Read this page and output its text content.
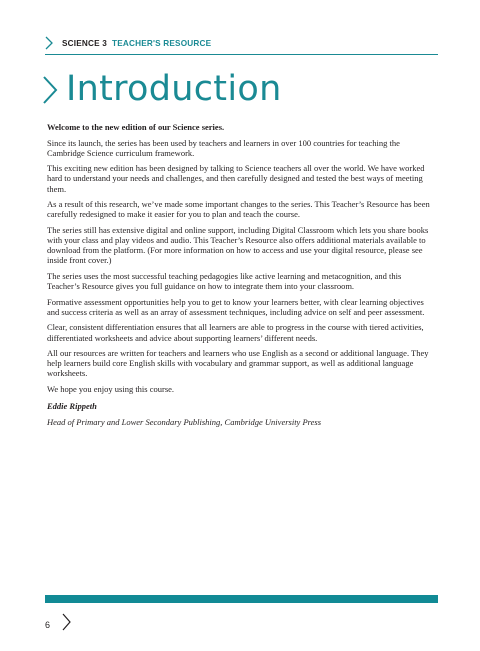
SCIENCE 3 TEACHER'S RESOURCE
Introduction

Welcome to the new edition of our Science series.

Since its launch, the series has been used by teachers and learners in over 100 countries for teaching the Cambridge Science curriculum framework.

This exciting new edition has been designed by talking to Science teachers all over the world. We have worked hard to understand your needs and challenges, and then carefully designed and tested the best ways of meeting them.

As a result of this research, we’ve made some important changes to the series. This Teacher’s Resource has been carefully redesigned to make it easier for you to plan and teach the course.

The series still has extensive digital and online support, including Digital Classroom which lets you share books with your class and play videos and audio. This Teacher’s Resource also offers additional materials available to download from the platform. (For more information on how to access and use your digital resource, please see inside front cover.)

The series uses the most successful teaching pedagogies like active learning and metacognition, and this Teacher’s Resource gives you full guidance on how to integrate them into your classroom.

Formative assessment opportunities help you to get to know your learners better, with clear learning objectives and success criteria as well as an array of assessment techniques, including advice on self and peer assessment.

Clear, consistent differentiation ensures that all learners are able to progress in the course with tiered activities, differentiated worksheets and advice about supporting learners’ different needs.

All our resources are written for teachers and learners who use English as a second or additional language. They help learners build core English skills with vocabulary and grammar support, as well as additional language worksheets.

We hope you enjoy using this course.

Eddie Rippeth

Head of Primary and Lower Secondary Publishing, Cambridge University Press

6
